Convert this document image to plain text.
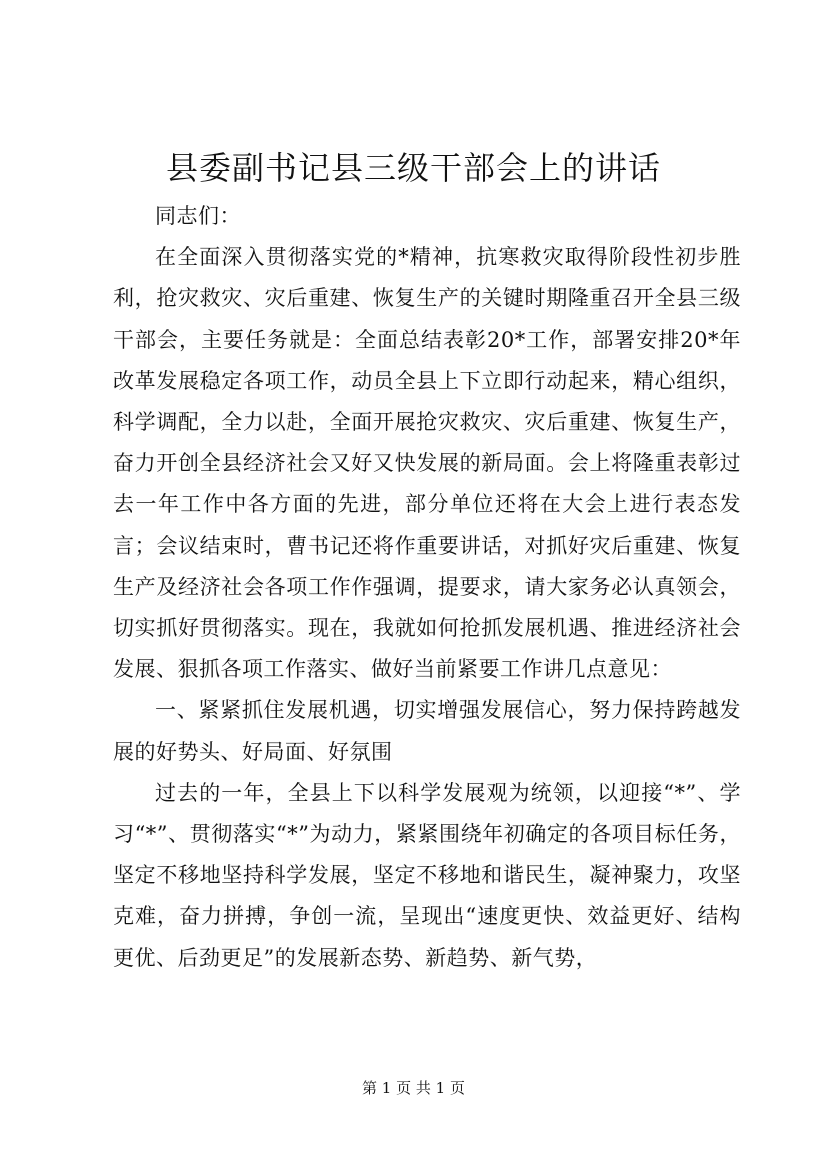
县委副书记县三级干部会上的讲话

同志们：

在全面深入贯彻落实党的*精神，抗寒救灾取得阶段性初步胜利，抢灾救灾、灾后重建、恢复生产的关键时期隆重召开全县三级干部会，主要任务就是：全面总结表彰20*工作，部署安排20*年改革发展稳定各项工作，动员全县上下立即行动起来，精心组织，科学调配，全力以赴，全面开展抢灾救灾、灾后重建、恢复生产，奋力开创全县经济社会又好又快发展的新局面。会上将隆重表彰过去一年工作中各方面的先进，部分单位还将在大会上进行表态发言；会议结束时，曹书记还将作重要讲话，对抓好灾后重建、恢复生产及经济社会各项工作作强调，提要求，请大家务必认真领会，切实抓好贯彻落实。现在，我就如何抢抓发展机遇、推进经济社会发展、狠抓各项工作落实、做好当前紧要工作讲几点意见：

一、紧紧抓住发展机遇，切实增强发展信心，努力保持跨越发展的好势头、好局面、好氛围

过去的一年，全县上下以科学发展观为统领，以迎接“*”、学习“*”、贯彻落实“*”为动力，紧紧围绕年初确定的各项目标任务，坚定不移地坚持科学发展，坚定不移地和谐民生，凝神聚力，攻坚克难，奋力拼搏，争创一流，呈现出“速度更快、效益更好、结构更优、后劲更足”的发展新态势、新趋势、新气势，

第 1 页 共 1 页
